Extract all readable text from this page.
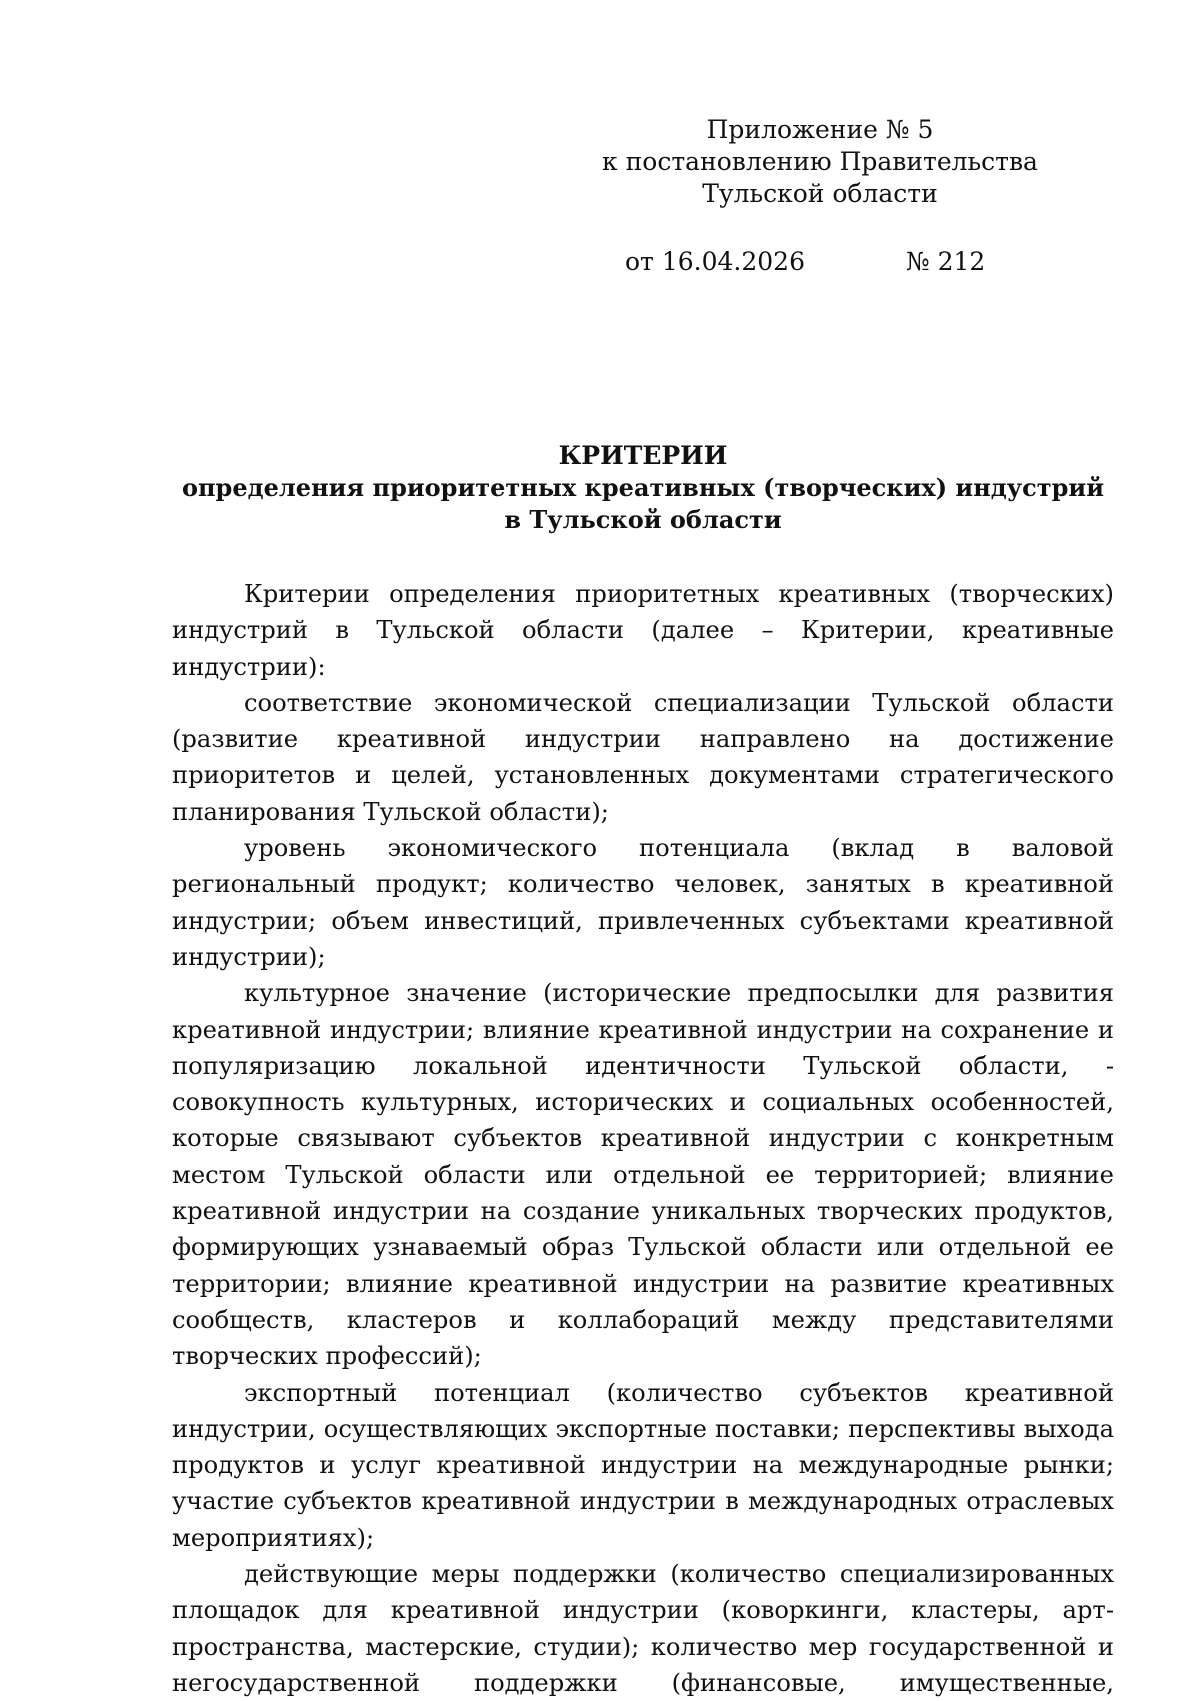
Приложение № 5
к постановлению Правительства
Тульской области
от 16.04.2026	№ 212
КРИТЕРИИ
определения приоритетных креативных (творческих) индустрий
в Тульской области

Критерии определения приоритетных креативных (творческих) индустрий в Тульской области (далее – Критерии, креативные индустрии):

соответствие экономической специализации Тульской области (развитие креативной индустрии направлено на достижение приоритетов и целей, установленных документами стратегического планирования Тульской области);

уровень экономического потенциала (вклад в валовой региональный продукт; количество человек, занятых в креативной индустрии; объем инвестиций, привлеченных субъектами креативной индустрии);

культурное значение (исторические предпосылки для развития креативной индустрии; влияние креативной индустрии на сохранение и популяризацию локальной идентичности Тульской области, - совокупность культурных, исторических и социальных особенностей, которые связывают субъектов креативной индустрии с конкретным местом Тульской области или отдельной ее территорией; влияние креативной индустрии на создание уникальных творческих продуктов, формирующих узнаваемый образ Тульской области или отдельной ее территории; влияние креативной индустрии на развитие креативных сообществ, кластеров и коллабораций между представителями творческих профессий);

экспортный потенциал (количество субъектов креативной индустрии, осуществляющих экспортные поставки; перспективы выхода продуктов и услуг креативной индустрии на международные рынки; участие субъектов креативной индустрии в международных отраслевых мероприятиях);

действующие меры поддержки (количество специализированных площадок для креативной индустрии (коворкинги, кластеры, арт-пространства, мастерские, студии); количество мер государственной и негосударственной поддержки (финансовые, имущественные,
